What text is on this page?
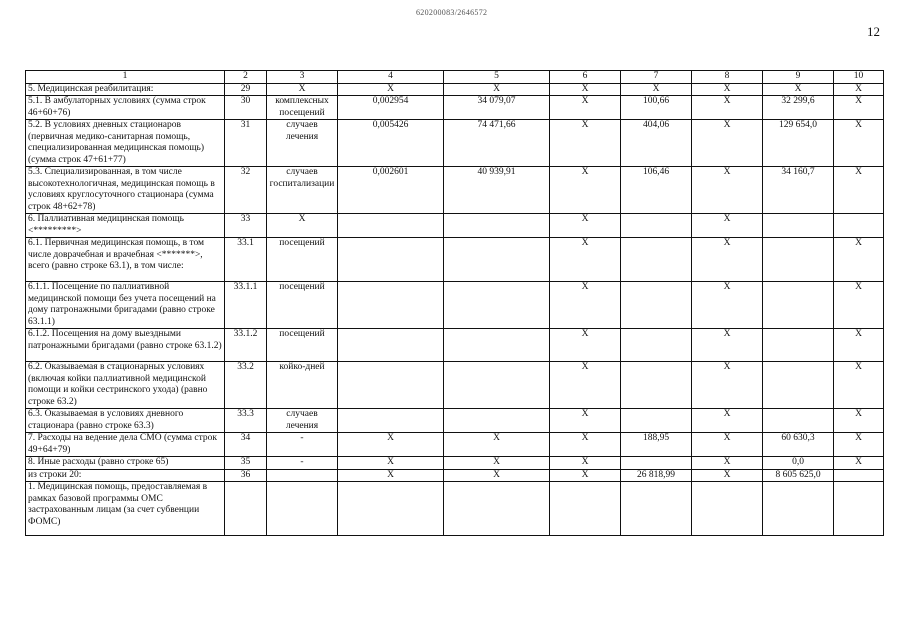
620200083/2646572
12
1	2	3	4	5	6	7	8	9	10
5. Медицинская реабилитация:	29	X	X	X	X	X	X	X	X
5.1. В амбулаторных условиях (сумма строк 46+60+76)	30	комплексных посещений	0,002954	34 079,07	X	100,66	X	32 299,6	X
5.2. В условиях дневных стационаров (первичная медико-санитарная помощь, специализированная медицинская помощь) (сумма строк 47+61+77)	31	случаев лечения	0,005426	74 471,66	X	404,06	X	129 654,0	X
5.3. Специализированная, в том числе высокотехнологичная, медицинская помощь в условиях круглосуточного стационара (сумма строк 48+62+78)	32	случаев госпитализации	0,002601	40 939,91	X	106,46	X	34 160,7	X
6. Паллиативная медицинская помощь <*********>	33	X			X		X		
6.1. Первичная медицинская помощь, в том числе доврачебная и врачебная <*******>, всего (равно строке 63.1), в том числе:	33.1	посещений			X		X		X
6.1.1. Посещение по паллиативной медицинской помощи без учета посещений на дому патронажными бригадами (равно строке 63.1.1)	33.1.1	посещений			X		X		X
6.1.2. Посещения на дому выездными патронажными бригадами (равно строке 63.1.2)	33.1.2	посещений			X		X		X
6.2. Оказываемая в стационарных условиях (включая койки паллиативной медицинской помощи и койки сестринского ухода) (равно строке 63.2)	33.2	койко-дней			X		X		X
6.3. Оказываемая в условиях дневного стационара (равно строке 63.3)	33.3	случаев лечения			X		X		X
7. Расходы на ведение дела СМО (сумма строк 49+64+79)	34	-	X	X	X	188,95	X	60 630,3	X
8. Иные расходы (равно строке 65)	35	-	X	X	X		X	0,0	X
из строки 20:	36		X	X	X	26 818,99	X	8 605 625,0	
1. Медицинская помощь, предоставляемая в рамках базовой программы ОМС застрахованным лицам (за счет субвенции ФОМС)									
